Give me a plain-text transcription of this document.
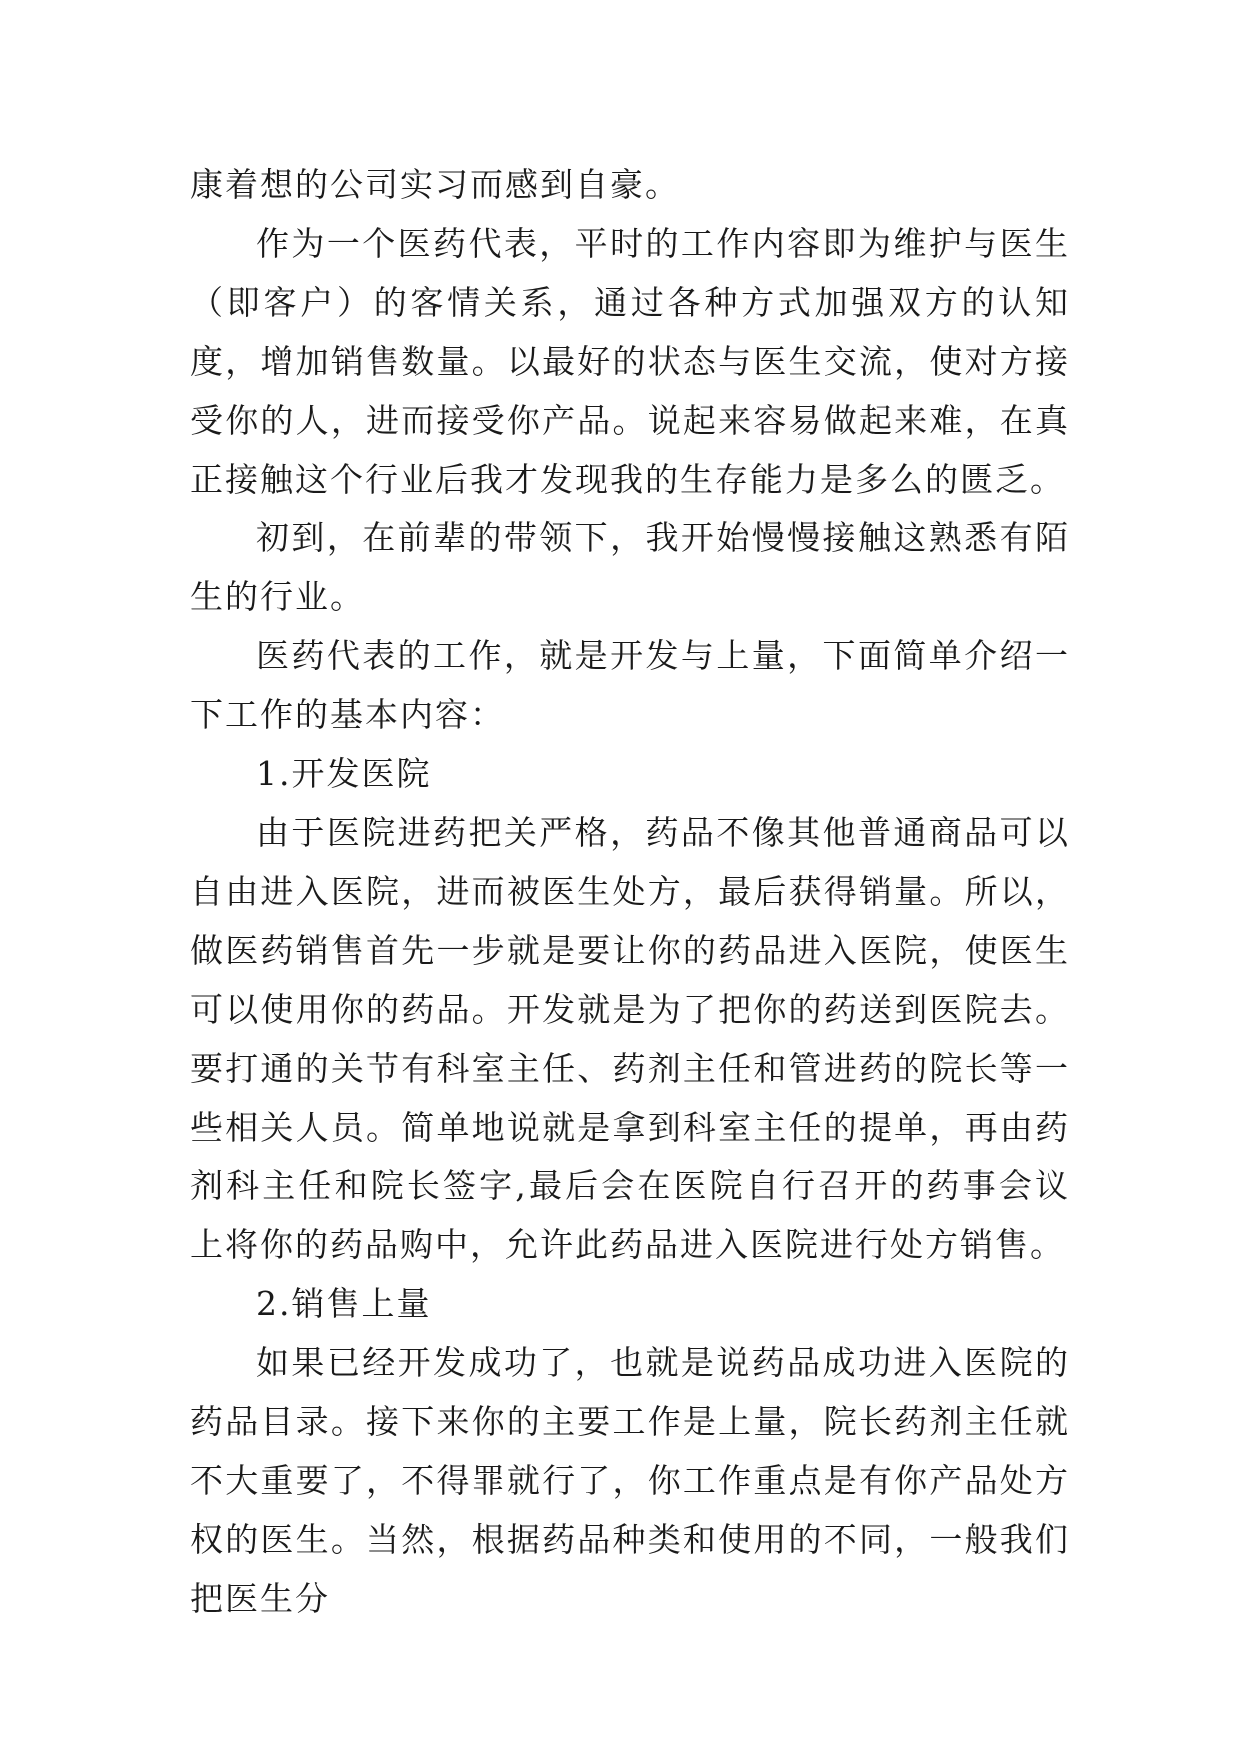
康着想的公司实习而感到自豪。

作为一个医药代表，平时的工作内容即为维护与医生（即客户）的客情关系，通过各种方式加强双方的认知度，增加销售数量。以最好的状态与医生交流，使对方接受你的人，进而接受你产品。说起来容易做起来难，在真正接触这个行业后我才发现我的生存能力是多么的匮乏。

初到，在前辈的带领下，我开始慢慢接触这熟悉有陌生的行业。

医药代表的工作，就是开发与上量，下面简单介绍一下工作的基本内容：

1.开发医院

由于医院进药把关严格，药品不像其他普通商品可以自由进入医院，进而被医生处方，最后获得销量。所以，做医药销售首先一步就是要让你的药品进入医院，使医生可以使用你的药品。开发就是为了把你的药送到医院去。要打通的关节有科室主任、药剂主任和管进药的院长等一些相关人员。简单地说就是拿到科室主任的提单，再由药剂科主任和院长签字,最后会在医院自行召开的药事会议上将你的药品购中，允许此药品进入医院进行处方销售。

2.销售上量

如果已经开发成功了，也就是说药品成功进入医院的药品目录。接下来你的主要工作是上量，院长药剂主任就不大重要了，不得罪就行了，你工作重点是有你产品处方权的医生。当然，根据药品种类和使用的不同，一般我们把医生分
